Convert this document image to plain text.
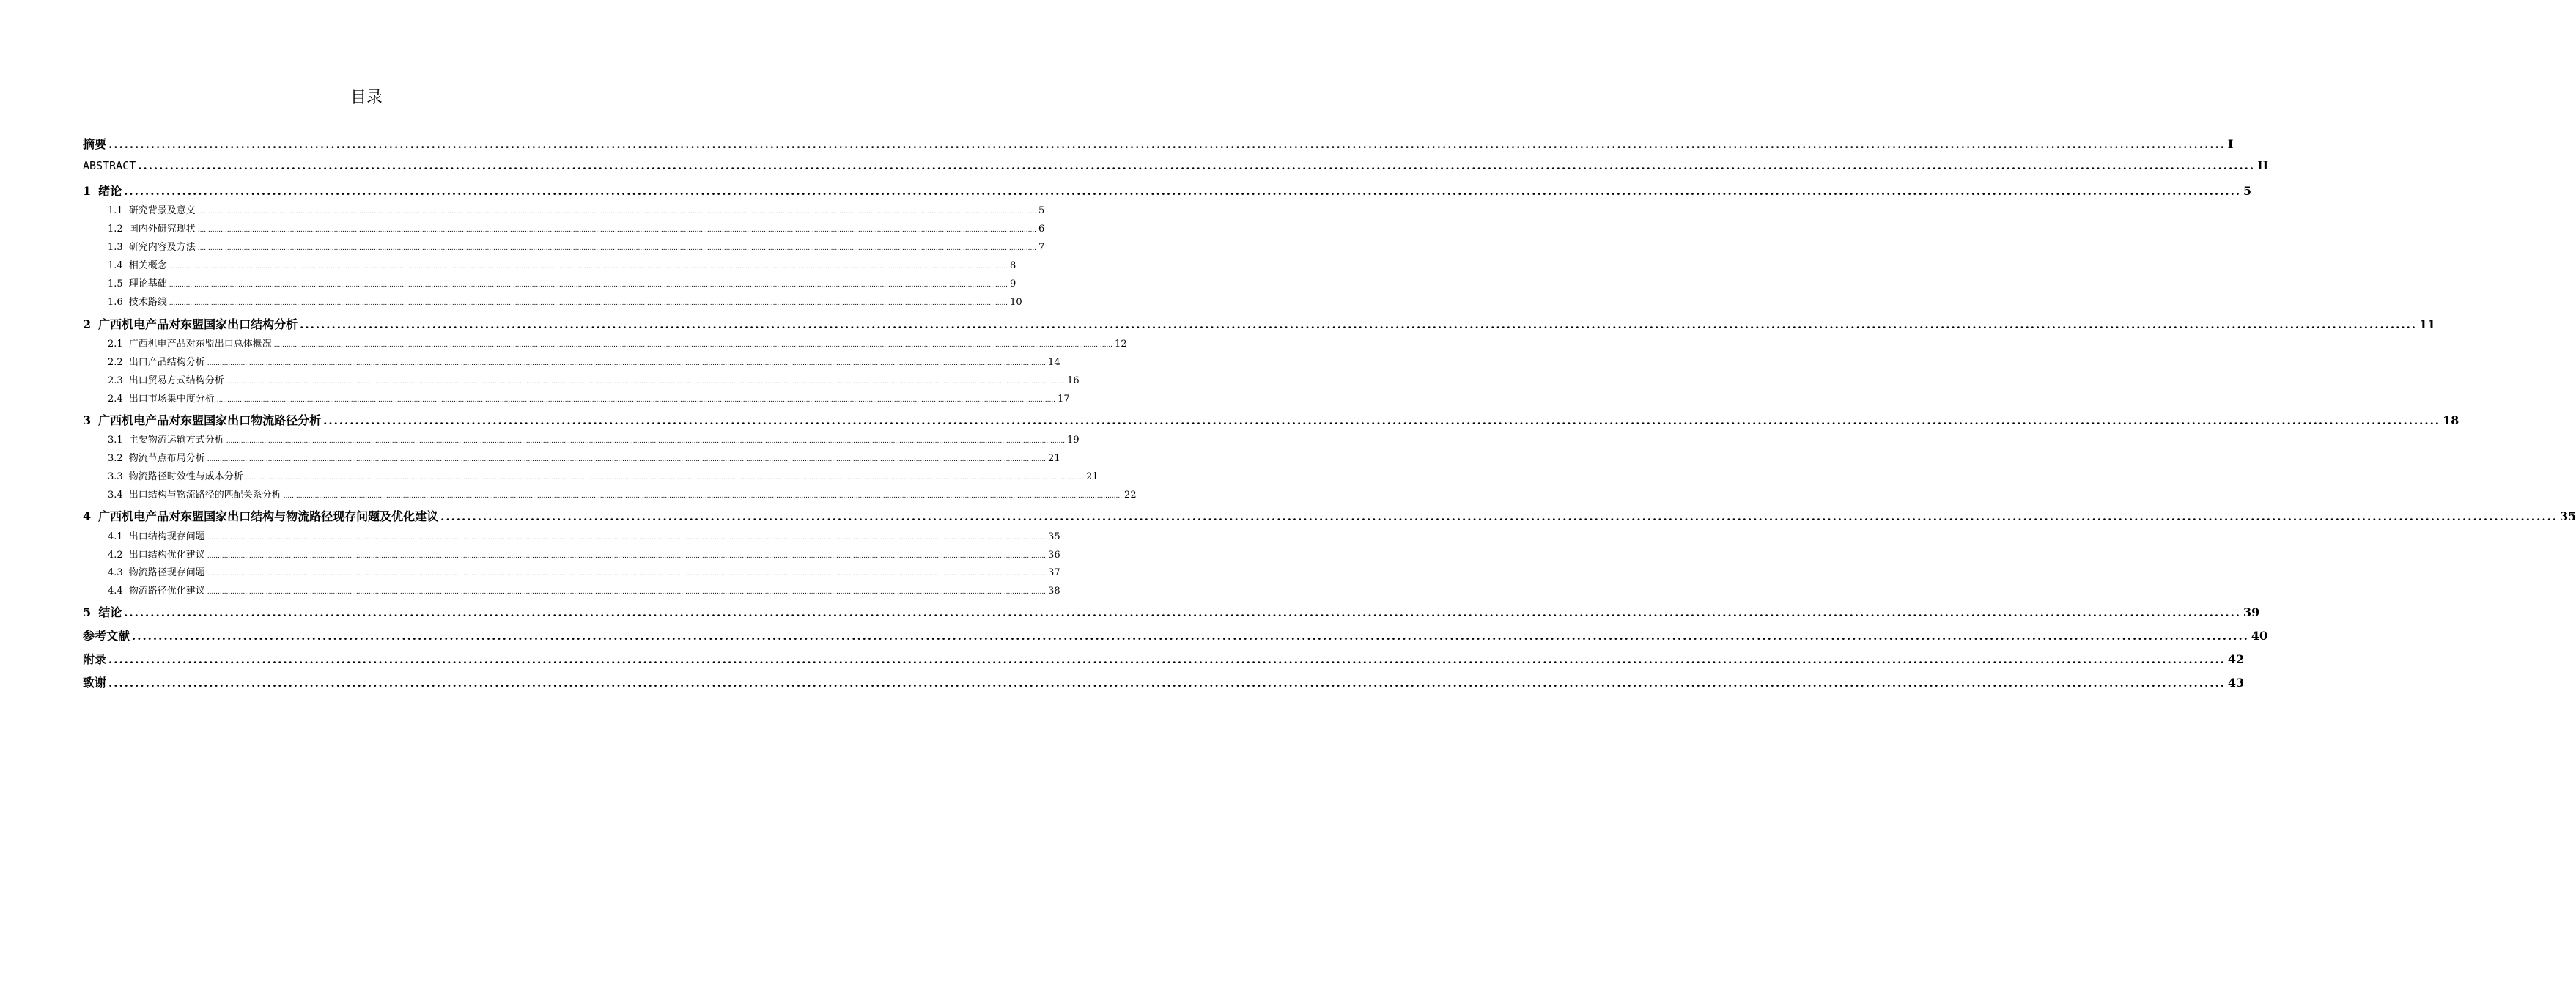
目录
摘要 ................................................................................................................................................................................................................................................................................................................................................................................................................ I
ABSTRACT ................................................................................................................................................................................................................................................................................................................................................................................................................ II
1 绪论 ................................................................................................................................................................................................................................................................................................................................................................................................................ 5
1.1 研究背景及意义 ................................................................................................................................................................................................................................................................................................................................................................................................................ 5
1.2 国内外研究现状 ................................................................................................................................................................................................................................................................................................................................................................................................................ 6
1.3 研究内容及方法 ................................................................................................................................................................................................................................................................................................................................................................................................................ 7
1.4 相关概念 ................................................................................................................................................................................................................................................................................................................................................................................................................ 8
1.5 理论基础 ................................................................................................................................................................................................................................................................................................................................................................................................................ 9
1.6 技术路线 ................................................................................................................................................................................................................................................................................................................................................................................................................ 10
2 广西机电产品对东盟国家出口结构分析 ................................................................................................................................................................................................................................................................................................................................................................................................................ 11
2.1 广西机电产品对东盟出口总体概况 ................................................................................................................................................................................................................................................................................................................................................................................................................ 12
2.2 出口产品结构分析 ................................................................................................................................................................................................................................................................................................................................................................................................................ 14
2.3 出口贸易方式结构分析 ................................................................................................................................................................................................................................................................................................................................................................................................................ 16
2.4 出口市场集中度分析 ................................................................................................................................................................................................................................................................................................................................................................................................................ 17
3 广西机电产品对东盟国家出口物流路径分析 ................................................................................................................................................................................................................................................................................................................................................................................................................ 18
3.1 主要物流运输方式分析 ................................................................................................................................................................................................................................................................................................................................................................................................................ 19
3.2 物流节点布局分析 ................................................................................................................................................................................................................................................................................................................................................................................................................ 21
3.3 物流路径时效性与成本分析 ................................................................................................................................................................................................................................................................................................................................................................................................................ 21
3.4 出口结构与物流路径的匹配关系分析 ................................................................................................................................................................................................................................................................................................................................................................................................................ 22
4 广西机电产品对东盟国家出口结构与物流路径现存问题及优化建议 ................................................................................................................................................................................................................................................................................................................................................................................................................ 35
4.1 出口结构现存问题 ................................................................................................................................................................................................................................................................................................................................................................................................................ 35
4.2 出口结构优化建议 ................................................................................................................................................................................................................................................................................................................................................................................................................ 36
4.3 物流路径现存问题 ................................................................................................................................................................................................................................................................................................................................................................................................................ 37
4.4 物流路径优化建议 ................................................................................................................................................................................................................................................................................................................................................................................................................ 38
5 结论 ................................................................................................................................................................................................................................................................................................................................................................................................................ 39
参考文献 ................................................................................................................................................................................................................................................................................................................................................................................................................ 40
附录 ................................................................................................................................................................................................................................................................................................................................................................................................................ 42
致谢 ................................................................................................................................................................................................................................................................................................................................................................................................................ 43
